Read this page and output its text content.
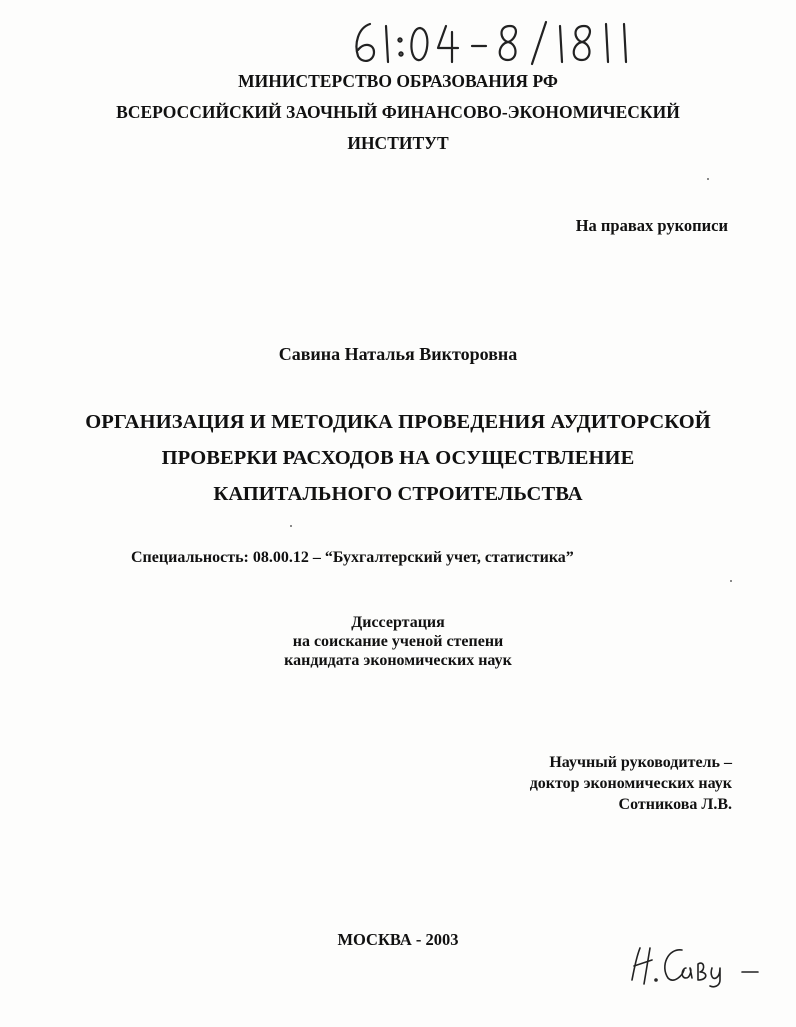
МИНИСТЕРСТВО ОБРАЗОВАНИЯ РФ
ВСЕРОССИЙСКИЙ ЗАОЧНЫЙ ФИНАНСОВО-ЭКОНОМИЧЕСКИЙ
ИНСТИТУТ
На правах рукописи
Савина Наталья Викторовна
ОРГАНИЗАЦИЯ И МЕТОДИКА ПРОВЕДЕНИЯ АУДИТОРСКОЙ
ПРОВЕРКИ РАСХОДОВ НА ОСУЩЕСТВЛЕНИЕ
КАПИТАЛЬНОГО СТРОИТЕЛЬСТВА
Специальность: 08.00.12 – “Бухгалтерский учет, статистика”
Диссертация
на соискание ученой степени
кандидата экономических наук
Научный руководитель –
доктор экономических наук
Сотникова Л.В.
МОСКВА - 2003
